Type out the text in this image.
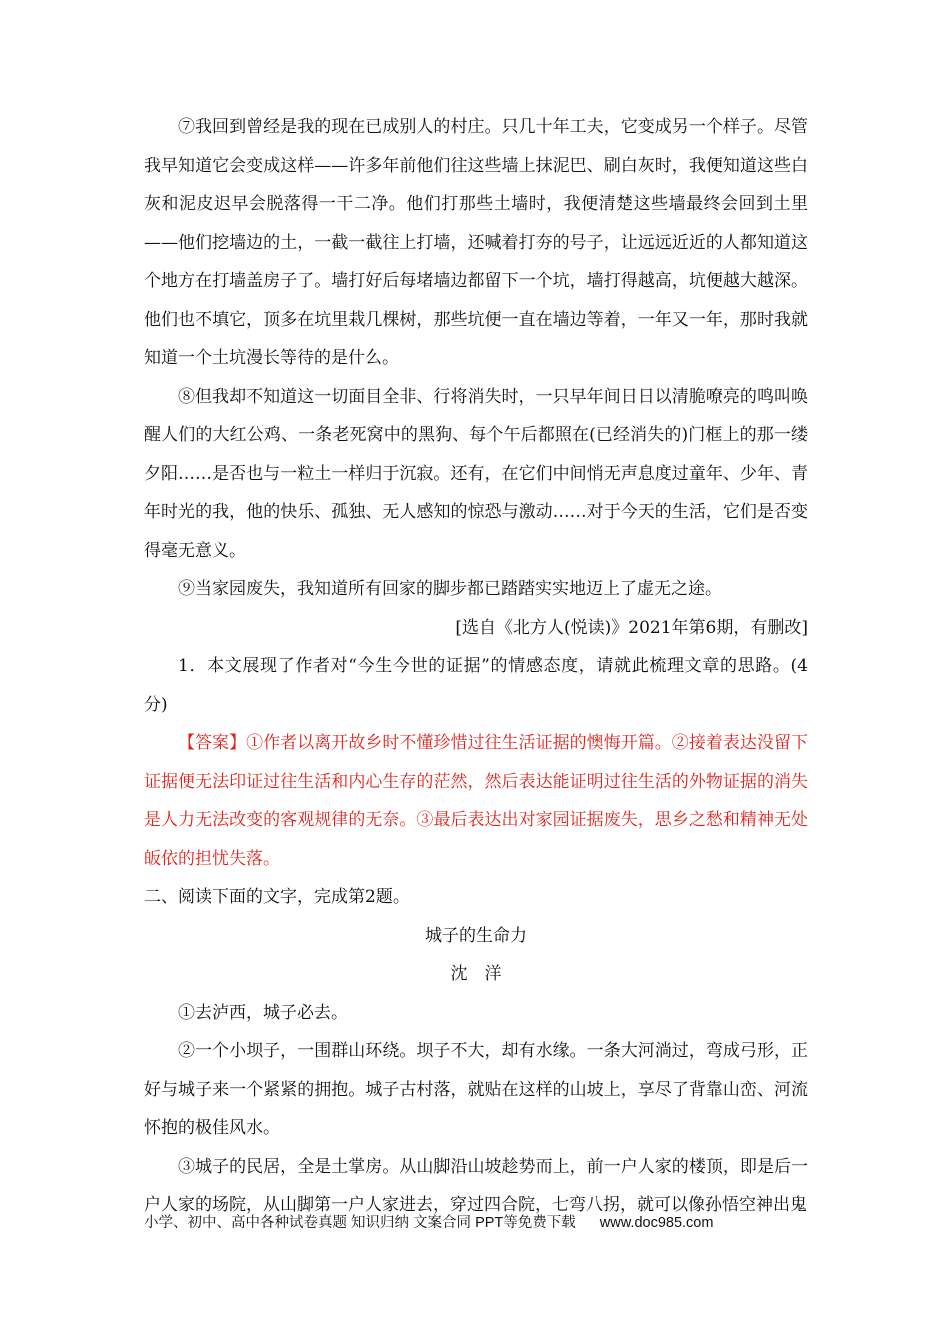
⑦我回到曾经是我的现在已成别人的村庄。只几十年工夫，它变成另一个样子。尽管我早知道它会变成这样——许多年前他们往这些墙上抹泥巴、刷白灰时，我便知道这些白灰和泥皮迟早会脱落得一干二净。他们打那些土墙时，我便清楚这些墙最终会回到土里——他们挖墙边的土，一截一截往上打墙，还喊着打夯的号子，让远远近近的人都知道这个地方在打墙盖房子了。墙打好后每堵墙边都留下一个坑，墙打得越高，坑便越大越深。他们也不填它，顶多在坑里栽几棵树，那些坑便一直在墙边等着，一年又一年，那时我就知道一个土坑漫长等待的是什么。

⑧但我却不知道这一切面目全非、行将消失时，一只早年间日日以清脆嘹亮的鸣叫唤醒人们的大红公鸡、一条老死窝中的黑狗、每个午后都照在(已经消失的)门框上的那一缕夕阳……是否也与一粒土一样归于沉寂。还有，在它们中间悄无声息度过童年、少年、青年时光的我，他的快乐、孤独、无人感知的惊恐与激动……对于今天的生活，它们是否变得毫无意义。

⑨当家园废失，我知道所有回家的脚步都已踏踏实实地迈上了虚无之途。

[选自《北方人(悦读)》2021年第6期，有删改]

1．本文展现了作者对“今生今世的证据”的情感态度，请就此梳理文章的思路。(4分)

【答案】①作者以离开故乡时不懂珍惜过往生活证据的懊悔开篇。②接着表达没留下证据便无法印证过往生活和内心生存的茫然，然后表达能证明过往生活的外物证据的消失是人力无法改变的客观规律的无奈。③最后表达出对家园证据废失，思乡之愁和精神无处皈依的担忧失落。

二、阅读下面的文字，完成第2题。

城子的生命力

沈洋

①去泸西，城子必去。

②一个小坝子，一围群山环绕。坝子不大，却有水缘。一条大河淌过，弯成弓形，正好与城子来一个紧紧的拥抱。城子古村落，就贴在这样的山坡上，享尽了背靠山峦、河流怀抱的极佳风水。

③城子的民居，全是土掌房。从山脚沿山坡趁势而上，前一户人家的楼顶，即是后一户人家的场院，从山脚第一户人家进去，穿过四合院，七弯八拐，就可以像孙悟空神出鬼

小学、初中、高中各种试卷真题 知识归纳 文案合同 PPT等免费下载 www.doc985.com
